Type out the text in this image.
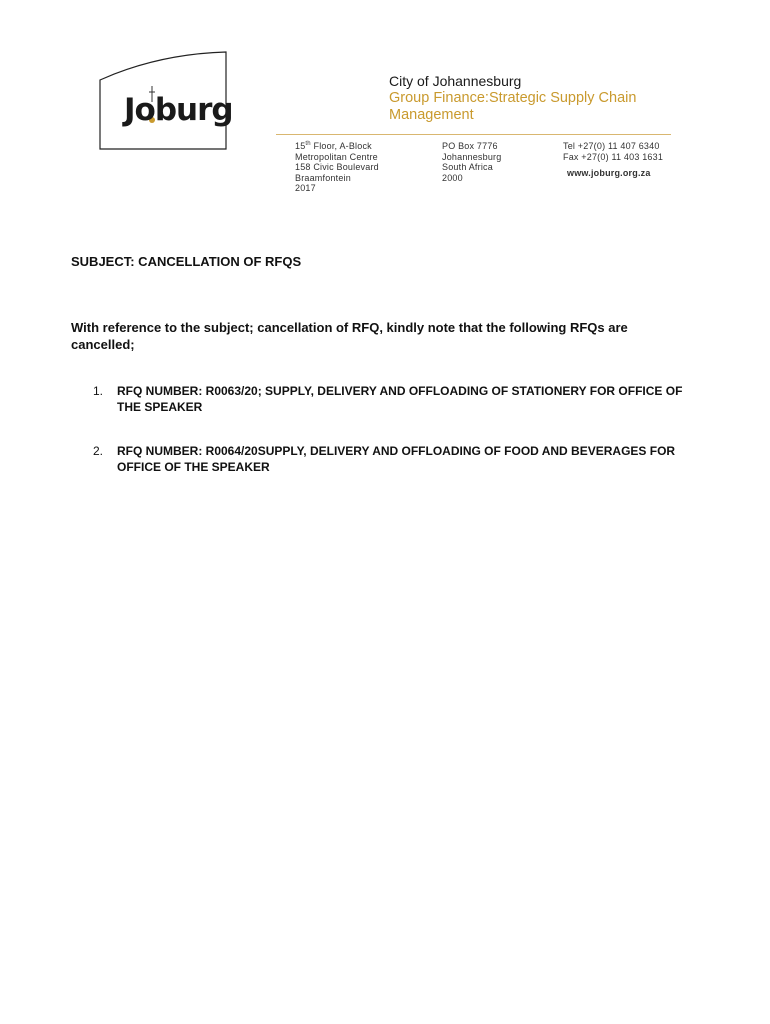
Joburg
City of Johannesburg
Group Finance:Strategic Supply Chain
Management
15th Floor, A-Block
Metropolitan Centre
158 Civic Boulevard
Braamfontein
2017
PO Box 7776
Johannesburg
South Africa
2000
Tel +27(0) 11 407 6340
Fax +27(0) 11 403 1631
www.joburg.org.za
SUBJECT: CANCELLATION OF RFQS
With reference to the subject; cancellation of RFQ, kindly note that the following RFQs are cancelled;
1. RFQ NUMBER: R0063/20; SUPPLY, DELIVERY AND OFFLOADING OF STATIONERY FOR OFFICE OF THE SPEAKER
2. RFQ NUMBER: R0064/20SUPPLY, DELIVERY AND OFFLOADING OF FOOD AND BEVERAGES FOR OFFICE OF THE SPEAKER
